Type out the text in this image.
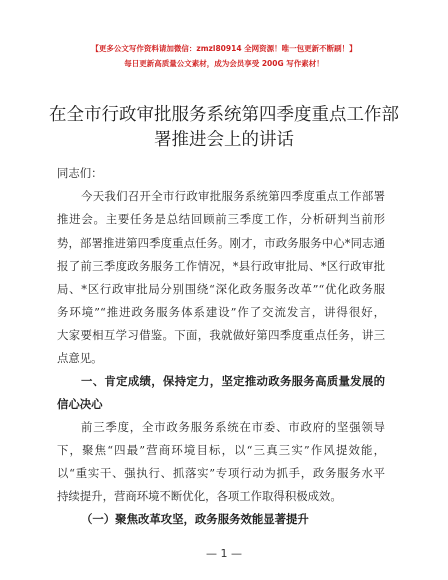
【更多公文写作资料请加微信：zmzl80914 全网资源！唯一包更新不断刷！】
每日更新高质量公文素材，成为会员享受 200G 写作素材！
在全市行政审批服务系统第四季度重点工作部
署推进会上的讲话
同志们：
今天我们召开全市行政审批服务系统第四季度重点工作部署
推进会。主要任务是总结回顾前三季度工作，分析研判当前形
势，部署推进第四季度重点任务。刚才，市政务服务中心*同志通
报了前三季度政务服务工作情况，*县行政审批局、*区行政审批
局、*区行政审批局分别围绕“深化政务服务改革”“优化政务服
务环境”“推进政务服务体系建设”作了交流发言，讲得很好，
大家要相互学习借鉴。下面，我就做好第四季度重点任务，讲三
点意见。
一、肯定成绩，保持定力，坚定推动政务服务高质量发展的
信心决心
前三季度，全市政务服务系统在市委、市政府的坚强领导
下，聚焦“四最”营商环境目标，以“三真三实”作风提效能，
以“重实干、强执行、抓落实”专项行动为抓手，政务服务水平
持续提升，营商环境不断优化，各项工作取得积极成效。
（一）聚焦改革攻坚，政务服务效能显著提升
— 1 —
